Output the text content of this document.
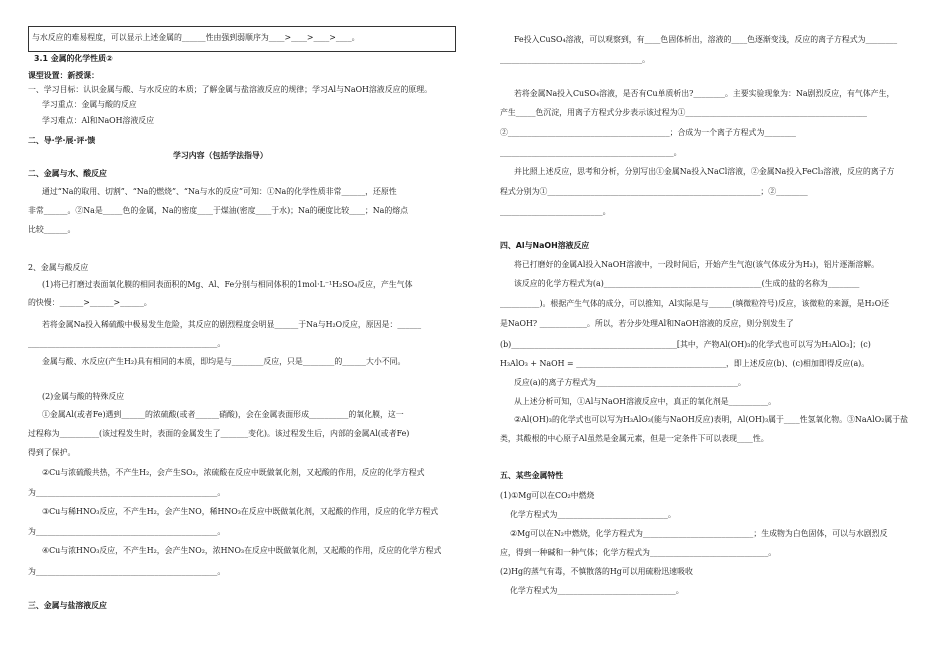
与水反应的难易程度，可以显示上述金属的______性由强到弱顺序为____>____>____>____。
3.1 金属的化学性质②
课型设置：新授课：
一、学习目标：认识金属与酸、与水反应的本质；了解金属与盐溶液反应的规律；学习Al与NaOH溶液反应的原理。
学习重点：金属与酸的反应
学习难点：Al和NaOH溶液反应
二、导·学·展·评·馈
学习内容（包括学法指导）
二、金属与水、酸反应
通过“Na的取用、切割”、“Na的燃烧”、“Na与水的反应”可知：①Na的化学性质非常______，还原性
非常______。②Na是_____色的金属，Na的密度____于煤油(密度____于水)；Na的硬度比较____；Na的熔点
比较______。
2、金属与酸反应
(1)将已打磨过表面氧化膜的相同表面积的Mg、Al、Fe分别与相同体积的1mol·L⁻¹H₂SO₄反应，产生气体
的快慢：______>______>______。
若将金属Na投入稀硫酸中极易发生危险，其反应的剧烈程度会明显______于Na与H₂O反应，原因是：______
________________________________________________。
金属与酸、水反应(产生H₂)具有相同的本质，即均是与________反应，只是________的______大小不同。
(2)金属与酸的特殊反应
①金属Al(或者Fe)遇到______的浓硫酸(或者______硝酸)，会在金属表面形成__________的氧化膜，这一
过程称为__________(该过程发生时，表面的金属发生了_______变化)。该过程发生后，内部的金属Al(或者Fe)
得到了保护。
②Cu与浓硫酸共热，不产生H₂，会产生SO₂，浓硫酸在反应中既做氧化剂，又起酸的作用，反应的化学方程式
为______________________________________________。
③Cu与稀HNO₃反应，不产生H₂，会产生NO，稀HNO₃在反应中既做氧化剂，又起酸的作用，反应的化学方程式
为______________________________________________。
④Cu与浓HNO₃反应，不产生H₂，会产生NO₂，浓HNO₃在反应中既做氧化剂，又起酸的作用，反应的化学方程式
为______________________________________________。
三、金属与盐溶液反应
Fe投入CuSO₄溶液，可以观察到，有____色固体析出，溶液的____色逐渐变浅，反应的离子方程式为________
____________________________________。
若将金属Na投入CuSO₄溶液，是否有Cu单质析出?________。主要实验现象为：Na剧烈反应，有气体产生，
产生_____色沉淀，用离子方程式分步表示该过程为①______________________________________________
②_________________________________________；合成为一个离子方程式为________
____________________________________________。
并比照上述反应，思考和分析，分别写出①金属Na投入NaCl溶液，②金属Na投入FeCl₃溶液，反应的离子方
程式分别为①______________________________________________________；②________
__________________________。
四、Al与NaOH溶液反应
将已打磨好的金属Al投入NaOH溶液中，一段时间后，开始产生气泡(该气体成分为H₂)，铝片逐渐溶解。
该反应的化学方程式为(a)________________________________________(生成的盐的名称为________
__________)。根据产生气体的成分，可以推知，Al实际是与______(填微粒符号)反应，该微粒的来源，是H₂O还
是NaOH? ____________。所以，若分步处理Al和NaOH溶液的反应，则分别发生了
(b)__________________________________________[其中，产物Al(OH)₃的化学式也可以写为H₃AlO₃]；(c)
H₃AlO₃ + NaOH = ______________________________________，即上述反应(b)、(c)相加即得反应(a)。
反应(a)的离子方程式为____________________________________。
从上述分析可知，①Al与NaOH溶液反应中，真正的氧化剂是__________。
②Al(OH)₃的化学式也可以写为H₃AlO₃(能与NaOH反应)表明，Al(OH)₃属于____性氢氧化物。③NaAlO₂属于盐
类，其酸根的中心原子Al虽然是金属元素，但是一定条件下可以表现____性。
五、某些金属特性
(1)①Mg可以在CO₂中燃烧
化学方程式为____________________________。
②Mg可以在N₂中燃烧，化学方程式为____________________________；生成物为白色固体，可以与水剧烈反
应，得到一种碱和一种气体；化学方程式为______________________________。
(2)Hg的蒸气有毒，不慎散落的Hg可以用硫粉迅速吸收
化学方程式为______________________________。
